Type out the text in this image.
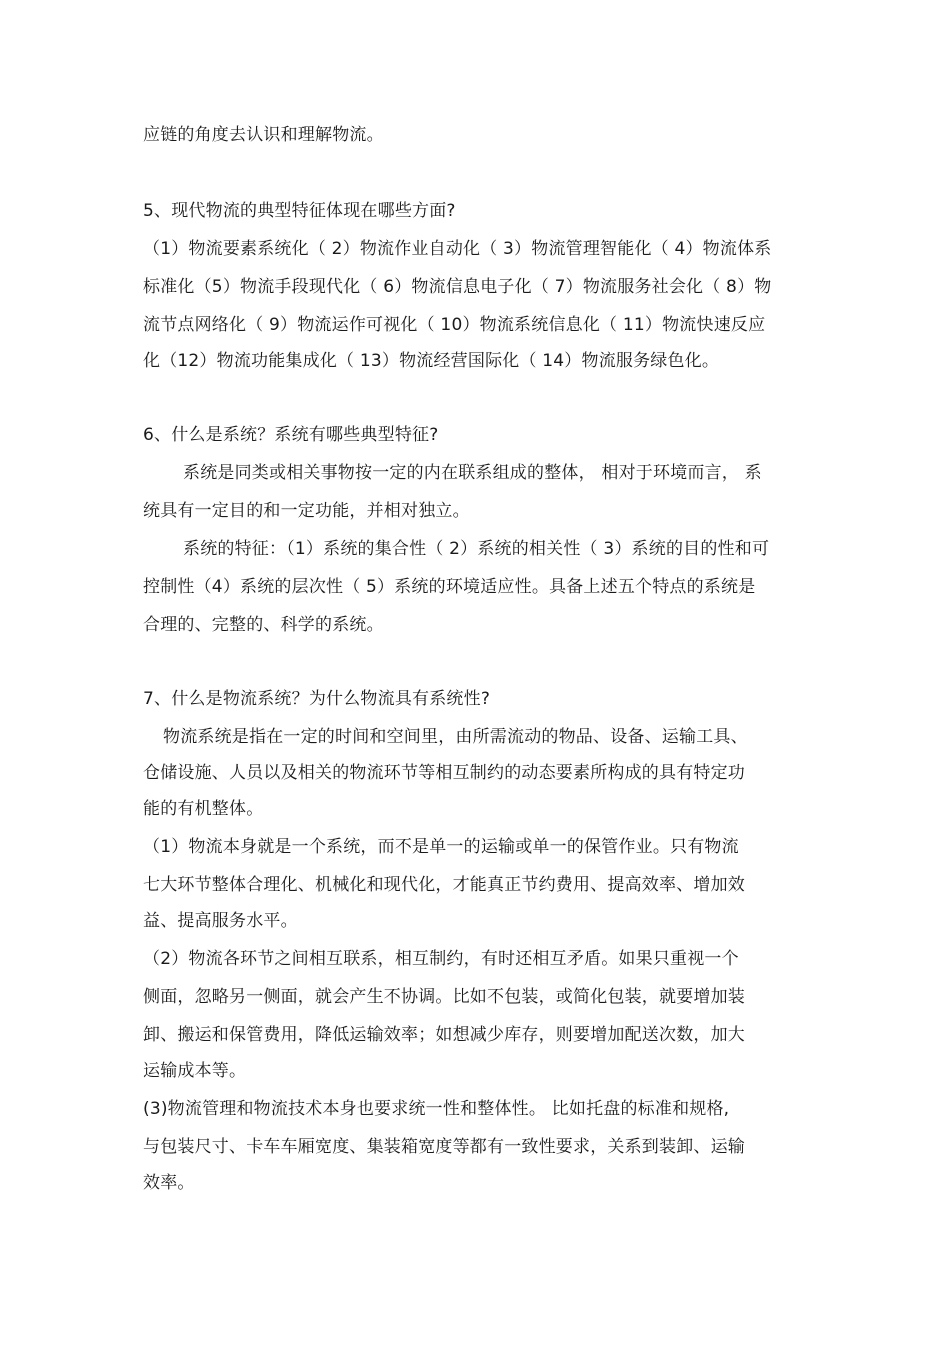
应链的角度去认识和理解物流。
5、现代物流的典型特征体现在哪些方面?
（1）物流要素系统化（ 2）物流作业自动化（ 3）物流管理智能化（ 4）物流体系
标准化（5）物流手段现代化（ 6）物流信息电子化（ 7）物流服务社会化（ 8）物
流节点网络化（ 9）物流运作可视化（ 10）物流系统信息化（ 11）物流快速反应
化（12）物流功能集成化（ 13）物流经营国际化（ 14）物流服务绿色化。
6、什么是系统？系统有哪些典型特征?
系统是同类或相关事物按一定的内在联系组成的整体， 相对于环境而言， 系
统具有一定目的和一定功能，并相对独立。
系统的特征：（1）系统的集合性（ 2）系统的相关性（ 3）系统的目的性和可
控制性（4）系统的层次性（ 5）系统的环境适应性。具备上述五个特点的系统是
合理的、完整的、科学的系统。
7、什么是物流系统？为什么物流具有系统性?
物流系统是指在一定的时间和空间里，由所需流动的物品、设备、运输工具、
仓储设施、人员以及相关的物流环节等相互制约的动态要素所构成的具有特定功
能的有机整体。
（1）物流本身就是一个系统，而不是单一的运输或单一的保管作业。只有物流
七大环节整体合理化、机械化和现代化，才能真正节约费用、提高效率、增加效
益、提高服务水平。
（2）物流各环节之间相互联系，相互制约，有时还相互矛盾。如果只重视一个
侧面，忽略另一侧面，就会产生不协调。比如不包装，或简化包装，就要增加装
卸、搬运和保管费用，降低运输效率；如想减少库存，则要增加配送次数，加大
运输成本等。
(3)物流管理和物流技术本身也要求统一性和整体性。 比如托盘的标准和规格,
与包装尺寸、卡车车厢宽度、集装箱宽度等都有一致性要求，关系到装卸、运输
效率。
